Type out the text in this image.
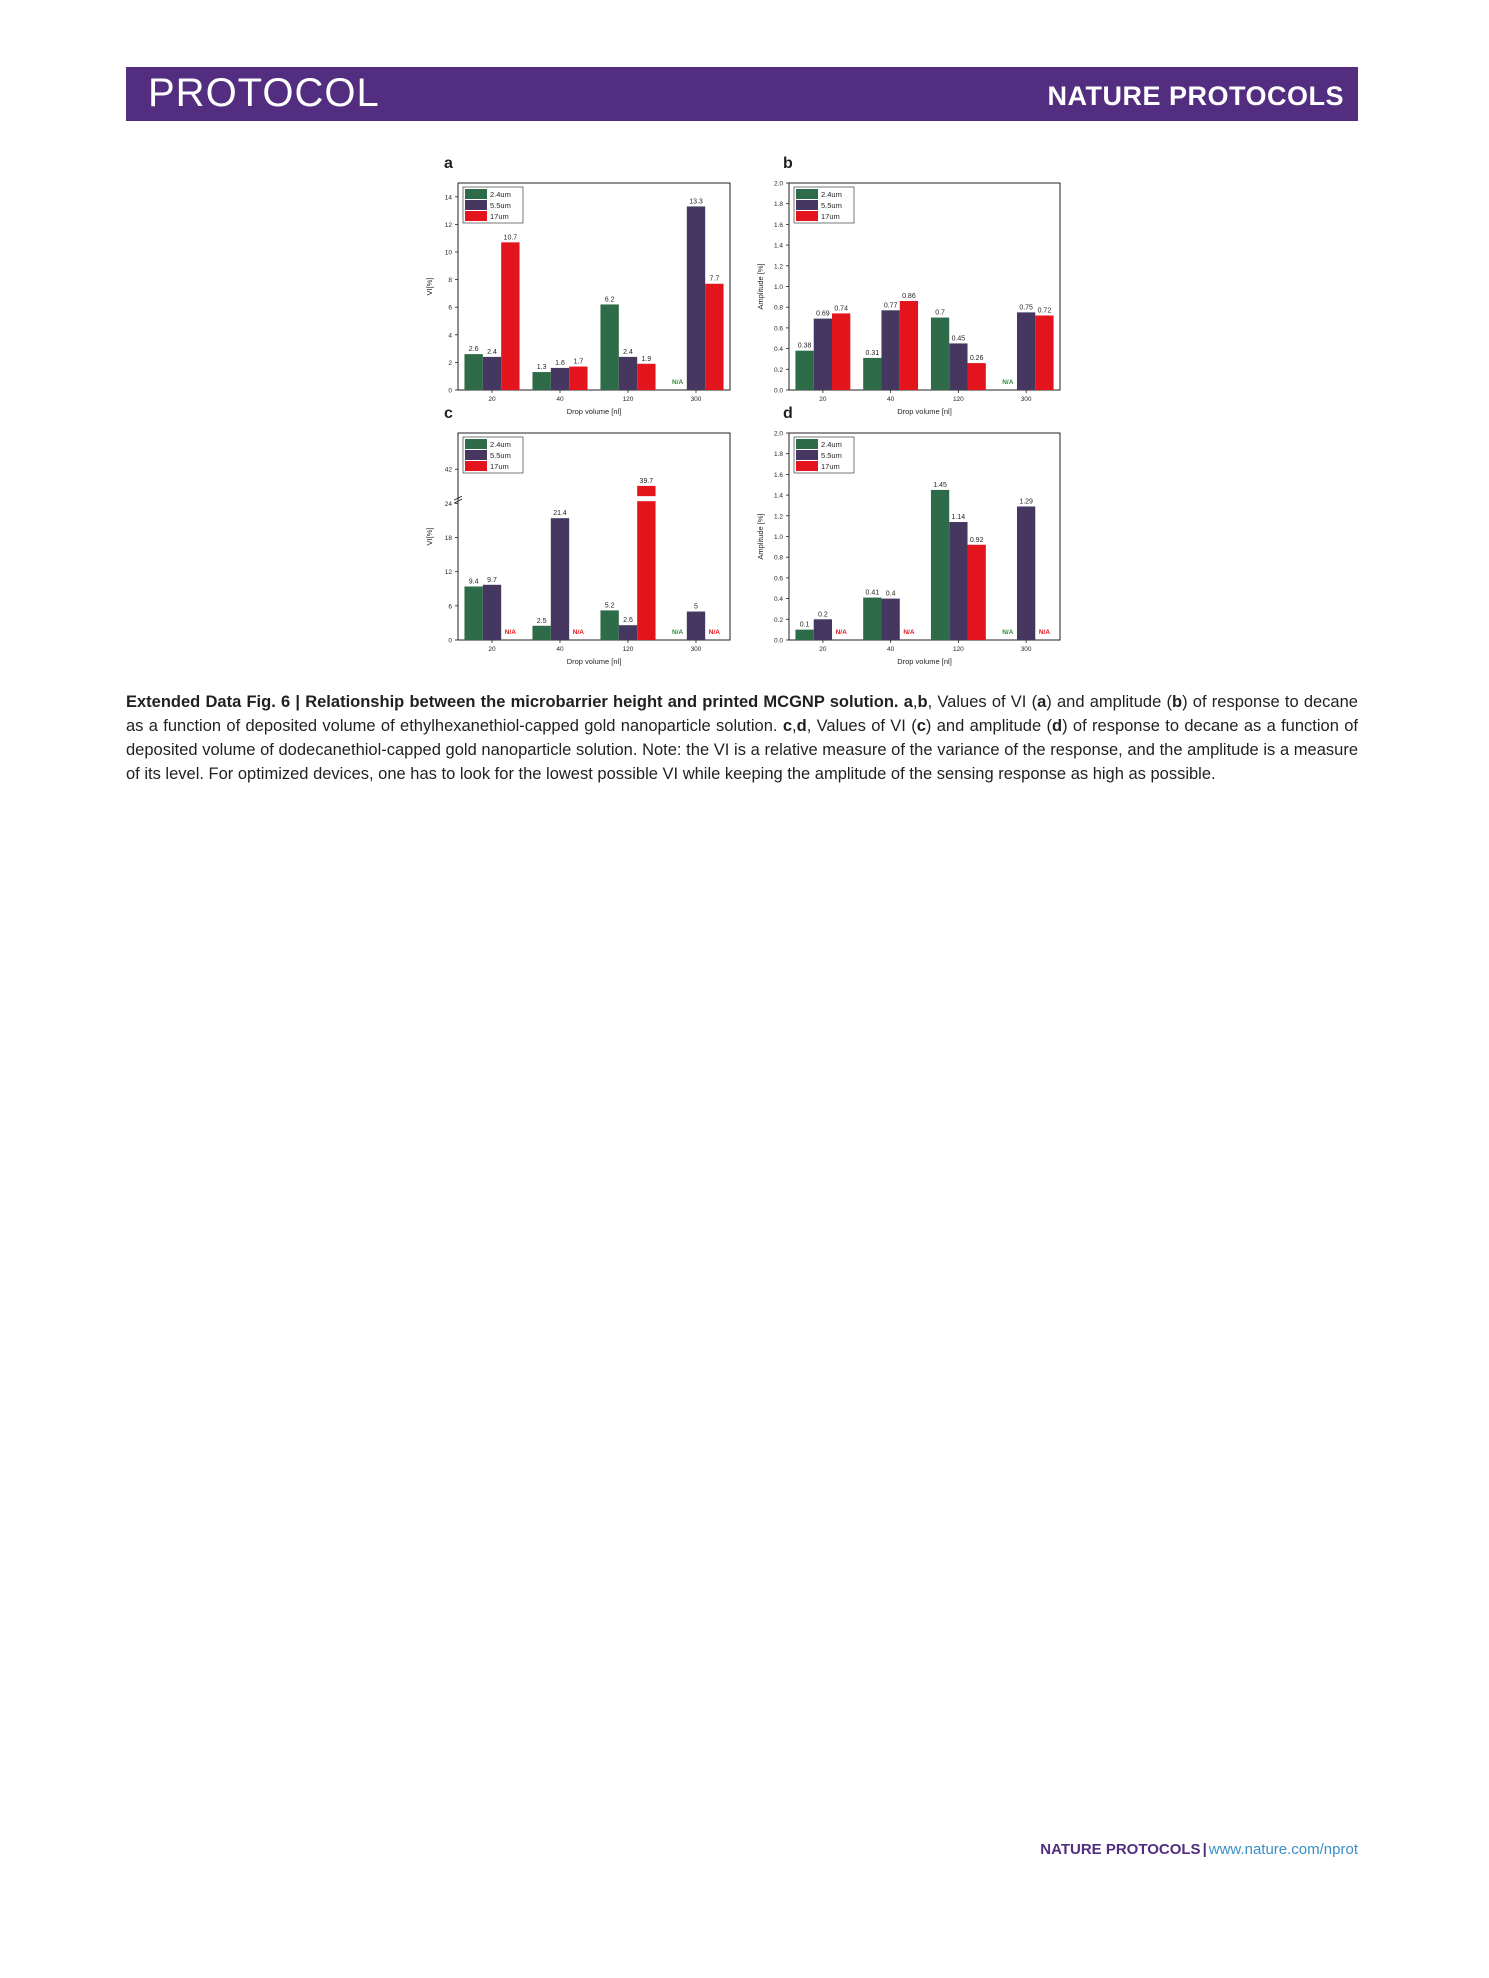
PROTOCOL	NATURE PROTOCOLS
a
0
2
4
6
8
10
12
14
VI[%]
Drop volume [nl]
20
2.6 2.4
10.7
40
1.3
1.6 1.7
120
6.2
2.4
1.9
300
N/A
13.3
7.7
2.4um
5.5um
17um
b
0.0
0.2
0.4
0.6
0.8
1.0
1.2
1.4
1.6
1.8
2.0
Amplitude [%]
Drop volume [nl]
20
0.38
0.69
0.74
40
0.31
0.77
0.86
120
0.7
0.45
0.26
300
N/A
0.75 0.72
2.4um
5.5um
17um
c
0
6
12
18
24
42
VI[%]
Drop volume [nl]
20
9.4 9.7
N/A
40
2.5
21.4
N/A
120
5.2
2.6
39.7
300
N/A
5
N/A
2.4um
5.5um
17um
d
0.0
0.2
0.4
0.6
0.8
1.0
1.2
1.4
1.6
1.8
2.0
Amplitude [%]
Drop volume [nl]
20
0.1
0.2
N/A
40
0.41 0.4
N/A
120
1.45
1.14
0.92
300
N/A
1.29
N/A
2.4um
5.5um
17um
Extended Data Fig. 6 | Relationship between the microbarrier height and printed MCGNP solution. a,b, Values of VI (a) and amplitude (b) of response to decane as a function of deposited volume of ethylhexanethiol-capped gold nanoparticle solution. c,d, Values of VI (c) and amplitude (d) of response to decane as a function of deposited volume of dodecanethiol-capped gold nanoparticle solution. Note: the VI is a relative measure of the variance of the response, and the amplitude is a measure of its level. For optimized devices, one has to look for the lowest possible VI while keeping the amplitude of the sensing response as high as possible.
NATURE PROTOCOLS | www.nature.com/nprot
